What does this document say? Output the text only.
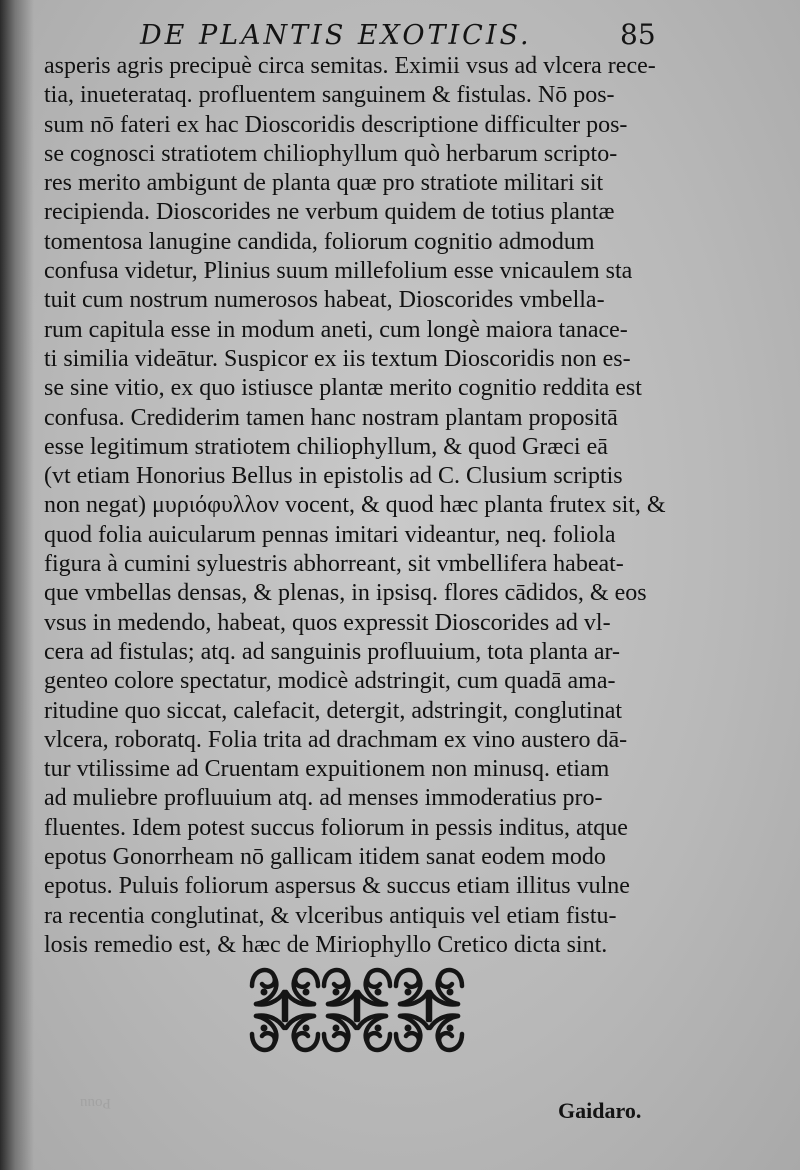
DE PLANTIS EXOTICIS.	85
asperis agris precipuè circa semitas. Eximii vsus ad vlcera rece-
tia, inueterataq. profluentem sanguinem & fistulas. Nō pos-
sum nō fateri ex hac Dioscoridis descriptione difficulter pos-
se cognosci stratiotem chiliophyllum quò herbarum scripto-
res merito ambigunt de planta quæ pro stratiote militari sit
recipienda. Dioscorides ne verbum quidem de totius plantæ
tomentosa lanugine candida, foliorum cognitio admodum
confusa videtur, Plinius suum millefolium esse vnicaulem sta
tuit cum nostrum numerosos habeat, Dioscorides vmbella-
rum capitula esse in modum aneti, cum longè maiora tanace-
ti similia videātur. Suspicor ex iis textum Dioscoridis non es-
se sine vitio, ex quo istiusce plantæ merito cognitio reddita est
confusa. Crediderim tamen hanc nostram plantam propositā
esse legitimum stratiotem chiliophyllum, & quod Græci eā
(vt etiam Honorius Bellus in epistolis ad C. Clusium scriptis
non negat) μυριόφυλλον vocent, & quod hæc planta frutex sit, &
quod folia auicularum pennas imitari videantur, neq. foliola
figura à cumini syluestris abhorreant, sit vmbellifera habeat-
que vmbellas densas, & plenas, in ipsisq. flores cādidos, & eos
vsus in medendo, habeat, quos expressit Dioscorides ad vl-
cera ad fistulas; atq. ad sanguinis profluuium, tota planta ar-
genteo colore spectatur, modicè adstringit, cum quadā ama-
ritudine quo siccat, calefacit, detergit, adstringit, conglutinat
vlcera, roboratq. Folia trita ad drachmam ex vino austero dā-
tur vtilissime ad Cruentam expuitionem non minusq. etiam
ad muliebre profluuium atq. ad menses immoderatius pro-
fluentes. Idem potest succus foliorum in pessis inditus, atque
epotus Gonorrheam nō gallicam itidem sanat eodem modo
epotus. Puluis foliorum aspersus & succus etiam illitus vulne
ra recentia conglutinat, & vlceribus antiquis vel etiam fistu-
losis remedio est, & hæc de Miriophyllo Cretico dicta sint.
Pouu	Gaidaro.
